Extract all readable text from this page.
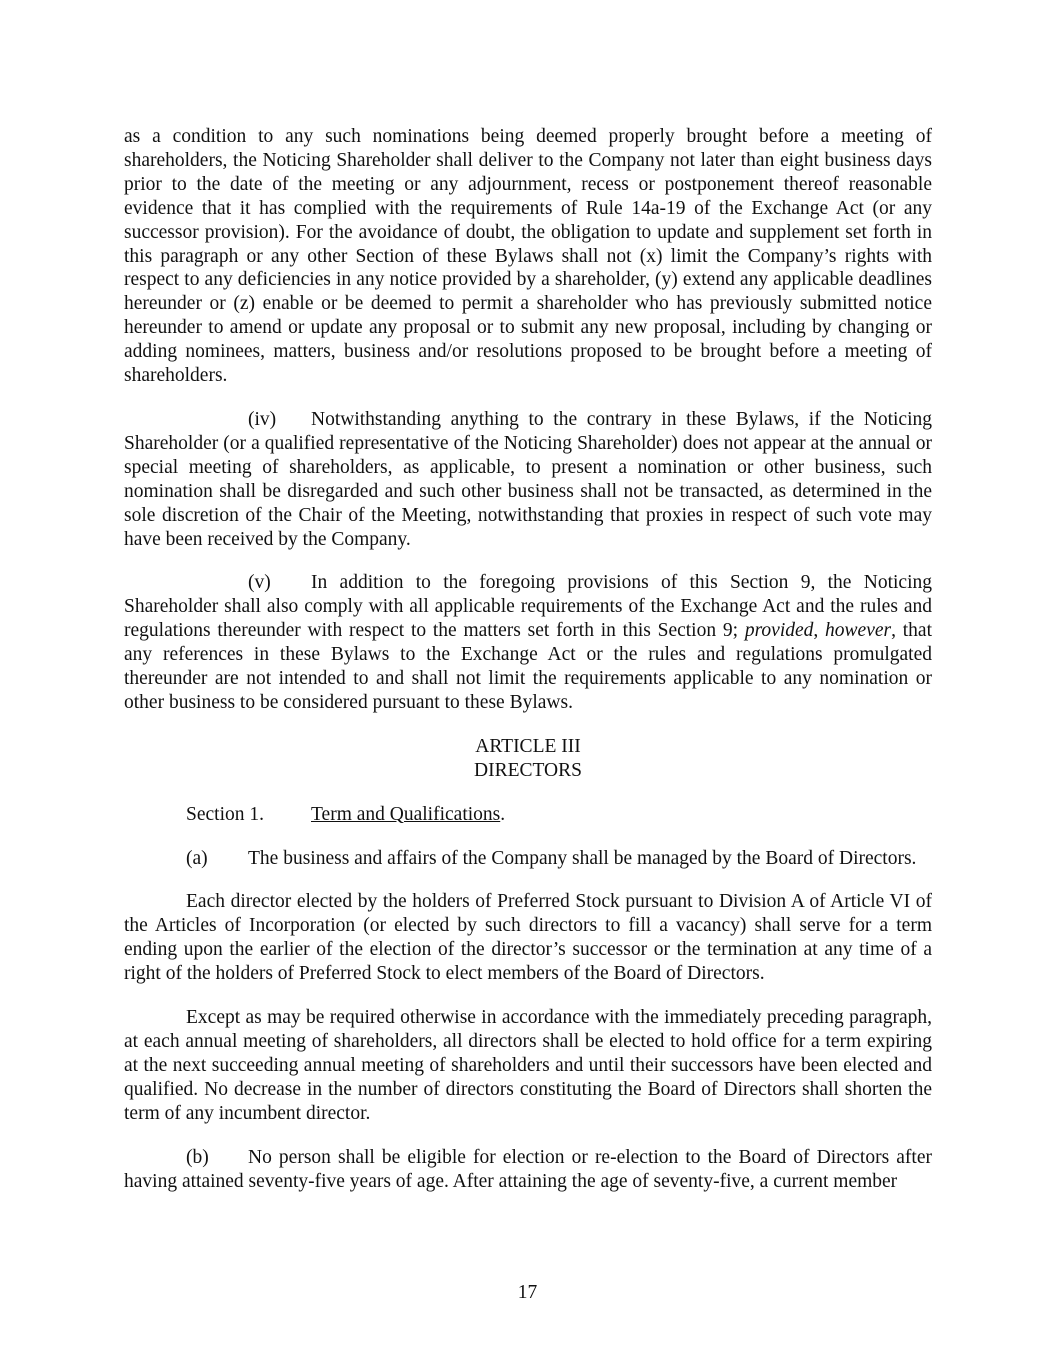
as a condition to any such nominations being deemed properly brought before a meeting of shareholders, the Noticing Shareholder shall deliver to the Company not later than eight business days prior to the date of the meeting or any adjournment, recess or postponement thereof reasonable evidence that it has complied with the requirements of Rule 14a-19 of the Exchange Act (or any successor provision). For the avoidance of doubt, the obligation to update and supplement set forth in this paragraph or any other Section of these Bylaws shall not (x) limit the Company’s rights with respect to any deficiencies in any notice provided by a shareholder, (y) extend any applicable deadlines hereunder or (z) enable or be deemed to permit a shareholder who has previously submitted notice hereunder to amend or update any proposal or to submit any new proposal, including by changing or adding nominees, matters, business and/or resolutions proposed to be brought before a meeting of shareholders.

(iv) Notwithstanding anything to the contrary in these Bylaws, if the Noticing Shareholder (or a qualified representative of the Noticing Shareholder) does not appear at the annual or special meeting of shareholders, as applicable, to present a nomination or other business, such nomination shall be disregarded and such other business shall not be transacted, as determined in the sole discretion of the Chair of the Meeting, notwithstanding that proxies in respect of such vote may have been received by the Company.

(v) In addition to the foregoing provisions of this Section 9, the Noticing Shareholder shall also comply with all applicable requirements of the Exchange Act and the rules and regulations thereunder with respect to the matters set forth in this Section 9; provided, however, that any references in these Bylaws to the Exchange Act or the rules and regulations promulgated thereunder are not intended to and shall not limit the requirements applicable to any nomination or other business to be considered pursuant to these Bylaws.

ARTICLE III

DIRECTORS

Section 1. Term and Qualifications.

(a) The business and affairs of the Company shall be managed by the Board of Directors.

Each director elected by the holders of Preferred Stock pursuant to Division A of Article VI of the Articles of Incorporation (or elected by such directors to fill a vacancy) shall serve for a term ending upon the earlier of the election of the director’s successor or the termination at any time of a right of the holders of Preferred Stock to elect members of the Board of Directors.

Except as may be required otherwise in accordance with the immediately preceding paragraph, at each annual meeting of shareholders, all directors shall be elected to hold office for a term expiring at the next succeeding annual meeting of shareholders and until their successors have been elected and qualified. No decrease in the number of directors constituting the Board of Directors shall shorten the term of any incumbent director.

(b) No person shall be eligible for election or re-election to the Board of Directors after having attained seventy-five years of age. After attaining the age of seventy-five, a current member

17
